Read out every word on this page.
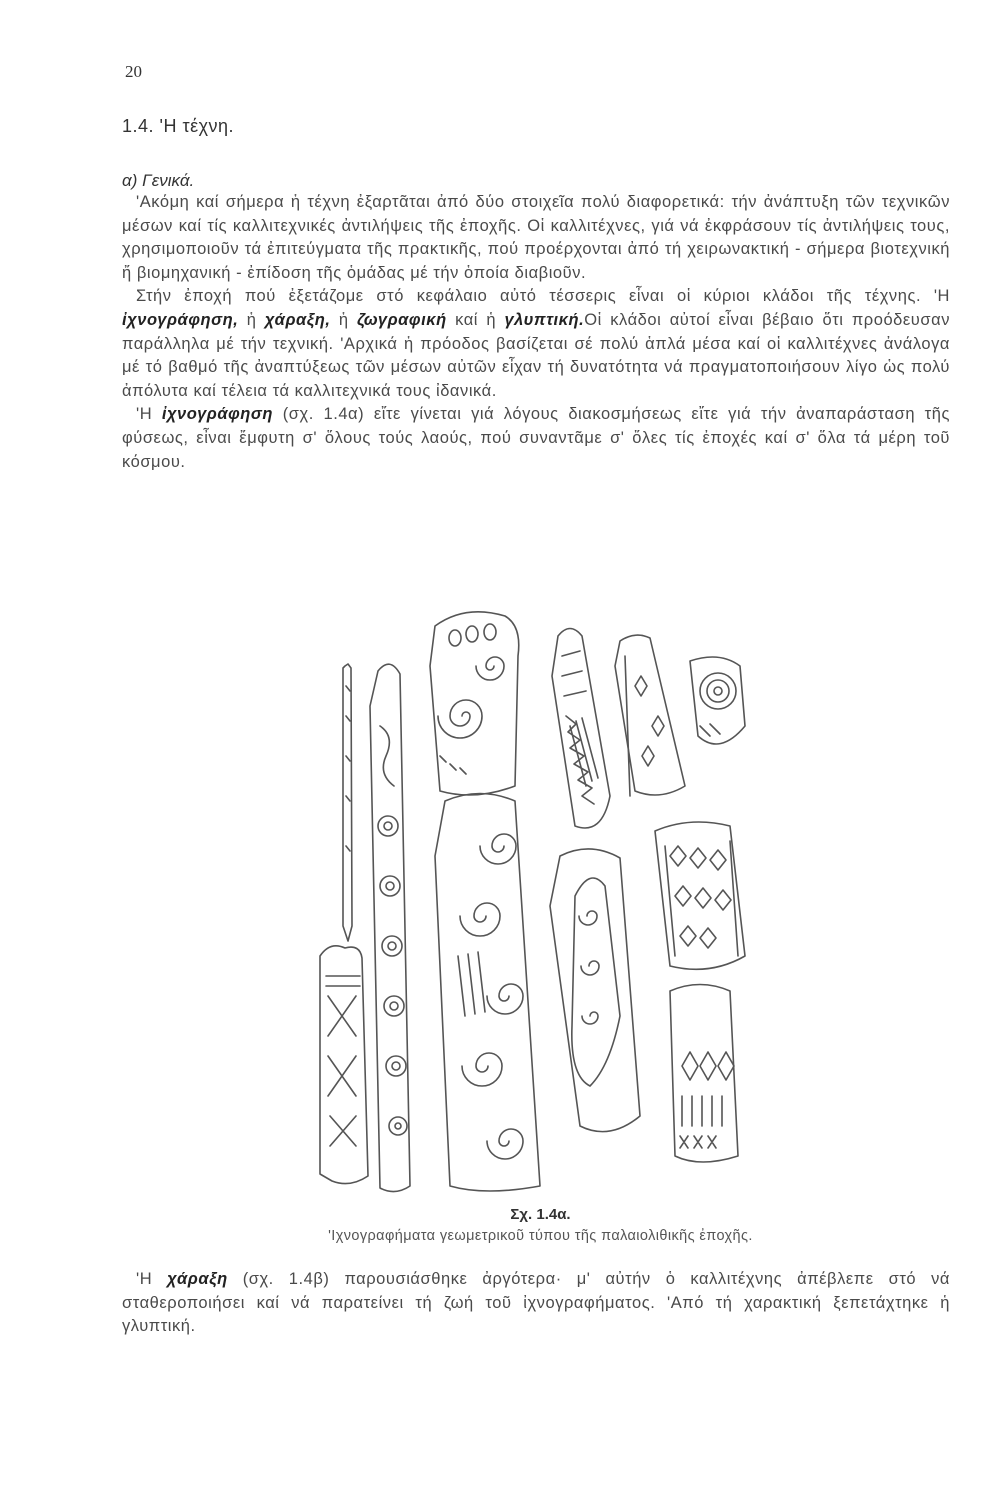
20
1.4. 'Η τέχνη.
α) Γενικά.

'Ακόμη καί σήμερα ἡ τέχνη ἐξαρτᾶται ἀπό δύο στοιχεῖα πολύ διαφορετικά: τήν ἀνάπτυξη τῶν τεχνικῶν μέσων καί τίς καλλιτεχνικές ἀντιλήψεις τῆς ἐποχῆς. Οἱ καλλιτέχνες, γιά νά ἐκφράσουν τίς ἀντιλήψεις τους, χρησιμοποιοῦν τά ἐπιτεύγματα τῆς πρακτικῆς, πού προέρχονται ἀπό τή χειρωνακτική - σήμερα βιοτεχνική ἤ βιομηχανική - ἐπίδοση τῆς ὁμάδας μέ τήν ὁποία διαβιοῦν.

Στήν ἐποχή πού ἐξετάζομε στό κεφάλαιο αὐτό τέσσερις εἶναι οἱ κύριοι κλάδοι τῆς τέχνης. 'Η ἰχνογράφηση, ἡ χάραξη, ἡ ζωγραφική καί ἡ γλυπτική.Οἱ κλάδοι αὐτοί εἶναι βέβαιο ὅτι προόδευσαν παράλληλα μέ τήν τεχνική. 'Αρχικά ἡ πρόοδος βασίζεται σέ πολύ ἁπλά μέσα καί οἱ καλλιτέχνες ἀνάλογα μέ τό βαθμό τῆς ἀναπτύξεως τῶν μέσων αὐτῶν εἶχαν τή δυνατότητα νά πραγματοποιήσουν λίγο ὡς πολύ ἀπόλυτα καί τέλεια τά καλλιτεχνικά τους ἰδανικά.

'Η ἰχνογράφηση (σχ. 1.4α) εἴτε γίνεται γιά λόγους διακοσμήσεως εἴτε γιά τήν ἀναπαράσταση τῆς φύσεως, εἶναι ἔμφυτη σ' ὅλους τούς λαούς, πού συναντᾶμε σ' ὅλες τίς ἐποχές καί σ' ὅλα τά μέρη τοῦ κόσμου.

Σχ. 1.4α.
'Ιχνογραφήματα γεωμετρικοῦ τύπου τῆς παλαιολιθικῆς ἐποχῆς.

'Η χάραξη (σχ. 1.4β) παρουσιάσθηκε ἀργότερα· μ' αὐτήν ὁ καλλιτέχνης ἀπέβλεπε στό νά σταθεροποιήσει καί νά παρατείνει τή ζωή τοῦ ἰχνογραφήματος. 'Από τή χαρακτική ξεπετάχτηκε ἡ γλυπτική.
